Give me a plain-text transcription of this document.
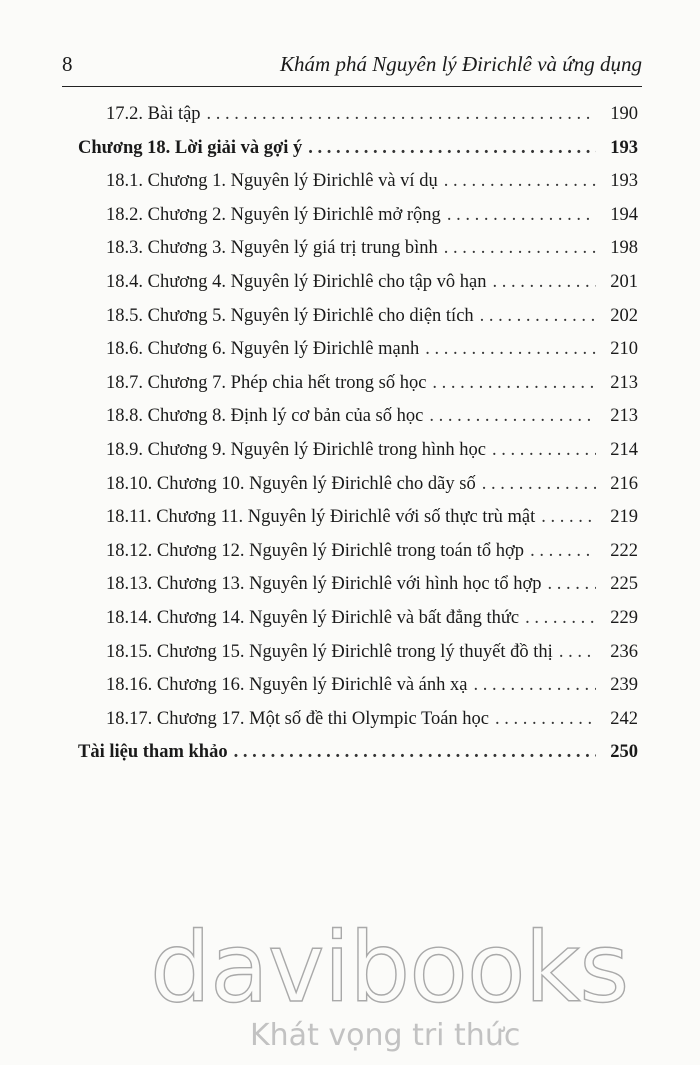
8	Khám phá Nguyên lý Đirichlê và ứng dụng
17.2. Bài tập . . .	190
Chương 18. Lời giải và gợi ý . . .	193
18.1. Chương 1. Nguyên lý Đirichlê và ví dụ . . .	193
18.2. Chương 2. Nguyên lý Đirichlê mở rộng . . .	194
18.3. Chương 3. Nguyên lý giá trị trung bình . . .	198
18.4. Chương 4. Nguyên lý Đirichlê cho tập vô hạn . . .	201
18.5. Chương 5. Nguyên lý Đirichlê cho diện tích . . .	202
18.6. Chương 6. Nguyên lý Đirichlê mạnh . . .	210
18.7. Chương 7. Phép chia hết trong số học . . .	213
18.8. Chương 8. Định lý cơ bản của số học . . .	213
18.9. Chương 9. Nguyên lý Đirichlê trong hình học . . .	214
18.10. Chương 10. Nguyên lý Đirichlê cho dãy số . . .	216
18.11. Chương 11. Nguyên lý Đirichlê với số thực trù mật . . .	219
18.12. Chương 12. Nguyên lý Đirichlê trong toán tổ hợp . . .	222
18.13. Chương 13. Nguyên lý Đirichlê với hình học tổ hợp . . .	225
18.14. Chương 14. Nguyên lý Đirichlê và bất đẳng thức . . .	229
18.15. Chương 15. Nguyên lý Đirichlê trong lý thuyết đồ thị . . .	236
18.16. Chương 16. Nguyên lý Đirichlê và ánh xạ . . .	239
18.17. Chương 17. Một số đề thi Olympic Toán học . . .	242
Tài liệu tham khảo . . .	250
davibooks
Khát vọng tri thức
